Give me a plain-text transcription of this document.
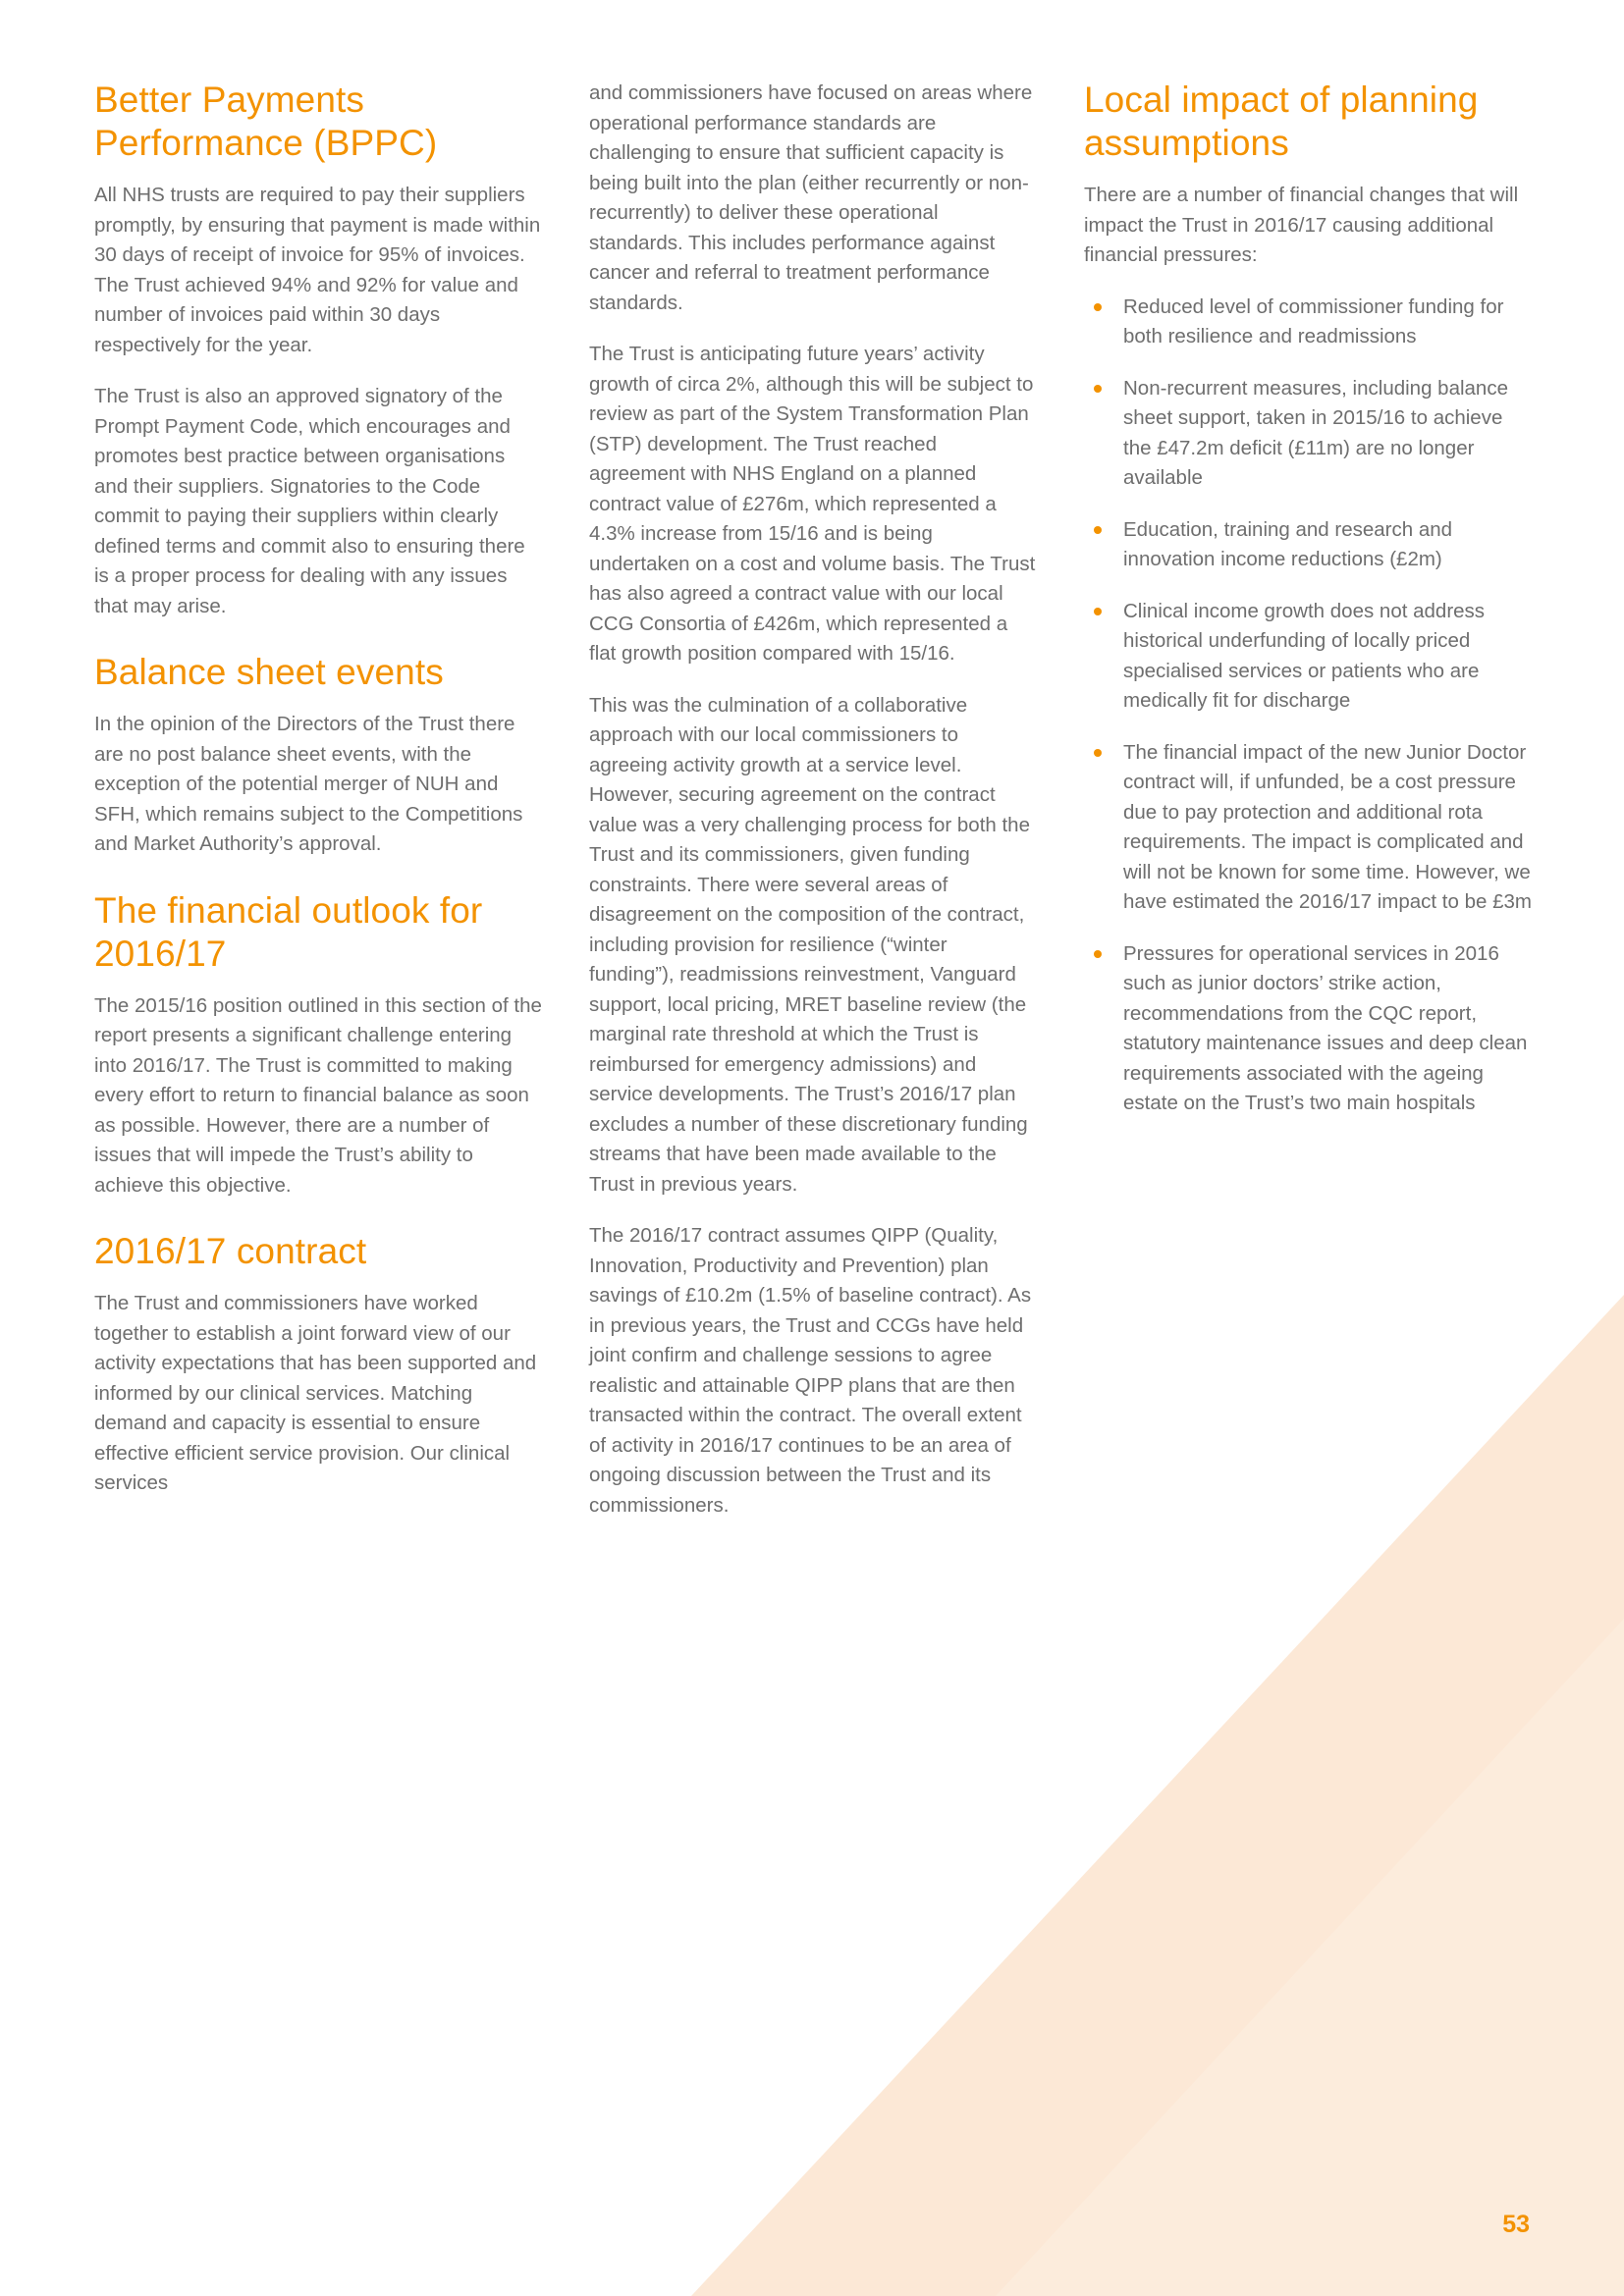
Better Payments Performance (BPPC)

All NHS trusts are required to pay their suppliers promptly, by ensuring that payment is made within 30 days of receipt of invoice for 95% of invoices. The Trust achieved 94% and 92% for value and number of invoices paid within 30 days respectively for the year.

The Trust is also an approved signatory of the Prompt Payment Code, which encourages and promotes best practice between organisations and their suppliers. Signatories to the Code commit to paying their suppliers within clearly defined terms and commit also to ensuring there is a proper process for dealing with any issues that may arise.

Balance sheet events

In the opinion of the Directors of the Trust there are no post balance sheet events, with the exception of the potential merger of NUH and SFH, which remains subject to the Competitions and Market Authority’s approval.

The financial outlook for 2016/17

The 2015/16 position outlined in this section of the report presents a significant challenge entering into 2016/17. The Trust is committed to making every effort to return to financial balance as soon as possible. However, there are a number of issues that will impede the Trust’s ability to achieve this objective.

2016/17 contract

The Trust and commissioners have worked together to establish a joint forward view of our activity expectations that has been supported and informed by our clinical services. Matching demand and capacity is essential to ensure effective efficient service provision. Our clinical services

and commissioners have focused on areas where operational performance standards are challenging to ensure that sufficient capacity is being built into the plan (either recurrently or non-recurrently) to deliver these operational standards. This includes performance against cancer and referral to treatment performance standards.

The Trust is anticipating future years’ activity growth of circa 2%, although this will be subject to review as part of the System Transformation Plan (STP) development. The Trust reached agreement with NHS England on a planned contract value of £276m, which represented a 4.3% increase from 15/16 and is being undertaken on a cost and volume basis. The Trust has also agreed a contract value with our local CCG Consortia of £426m, which represented a flat growth position compared with 15/16.

This was the culmination of a collaborative approach with our local commissioners to agreeing activity growth at a service level. However, securing agreement on the contract value was a very challenging process for both the Trust and its commissioners, given funding constraints. There were several areas of disagreement on the composition of the contract, including provision for resilience (“winter funding”), readmissions reinvestment, Vanguard support, local pricing, MRET baseline review (the marginal rate threshold at which the Trust is reimbursed for emergency admissions) and service developments. The Trust’s 2016/17 plan excludes a number of these discretionary funding streams that have been made available to the Trust in previous years.

The 2016/17 contract assumes QIPP (Quality, Innovation, Productivity and Prevention) plan savings of £10.2m (1.5% of baseline contract). As in previous years, the Trust and CCGs have held joint confirm and challenge sessions to agree realistic and attainable QIPP plans that are then transacted within the contract. The overall extent of activity in 2016/17 continues to be an area of ongoing discussion between the Trust and its commissioners.

Local impact of planning assumptions

There are a number of financial changes that will impact the Trust in 2016/17 causing additional financial pressures:

Reduced level of commissioner funding for both resilience and readmissions
Non-recurrent measures, including balance sheet support, taken in 2015/16 to achieve the £47.2m deficit (£11m) are no longer available
Education, training and research and innovation income reductions (£2m)
Clinical income growth does not address historical underfunding of locally priced specialised services or patients who are medically fit for discharge
The financial impact of the new Junior Doctor contract will, if unfunded, be a cost pressure due to pay protection and additional rota requirements. The impact is complicated and will not be known for some time. However, we have estimated the 2016/17 impact to be £3m
Pressures for operational services in 2016 such as junior doctors’ strike action, recommendations from the CQC report, statutory maintenance issues and deep clean requirements associated with the ageing estate on the Trust’s two main hospitals
53
